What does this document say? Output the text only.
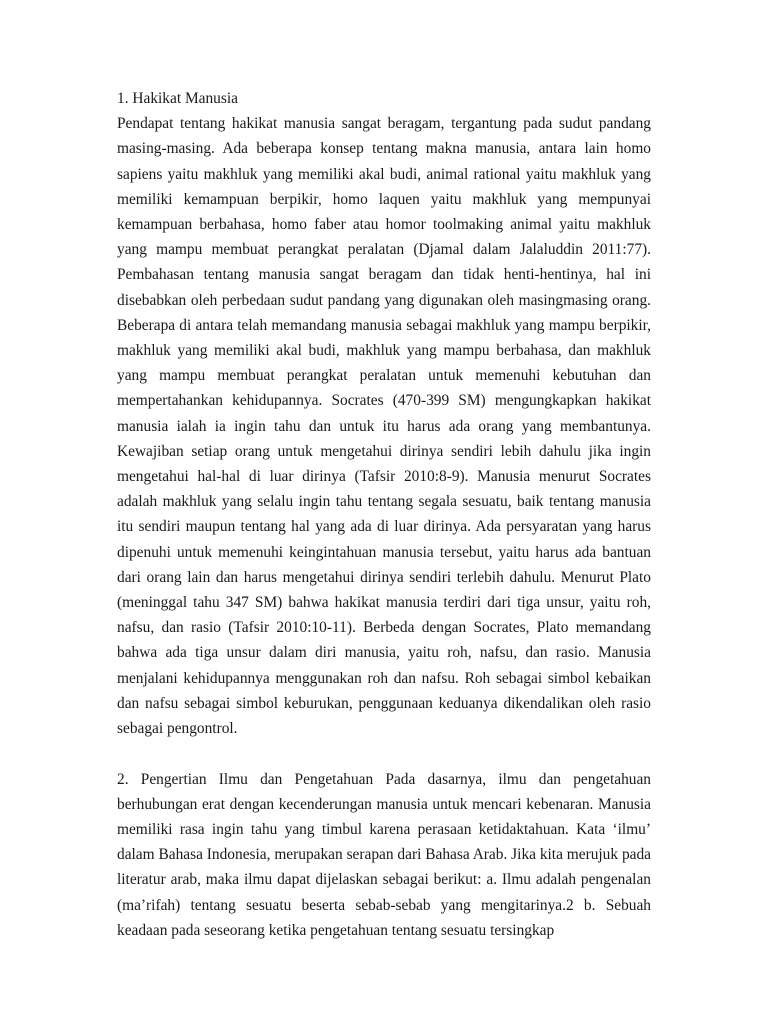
1. Hakikat Manusia

Pendapat tentang hakikat manusia sangat beragam, tergantung pada sudut pandang masing-masing. Ada beberapa konsep tentang makna manusia, antara lain homo sapiens yaitu makhluk yang memiliki akal budi, animal rational yaitu makhluk yang memiliki kemampuan berpikir, homo laquen yaitu makhluk yang mempunyai kemampuan berbahasa, homo faber atau homor toolmaking animal yaitu makhluk yang mampu membuat perangkat peralatan (Djamal dalam Jalaluddin 2011:77). Pembahasan tentang manusia sangat beragam dan tidak henti-hentinya, hal ini disebabkan oleh perbedaan sudut pandang yang digunakan oleh masingmasing orang. Beberapa di antara telah memandang manusia sebagai makhluk yang mampu berpikir, makhluk yang memiliki akal budi, makhluk yang mampu berbahasa, dan makhluk yang mampu membuat perangkat peralatan untuk memenuhi kebutuhan dan mempertahankan kehidupannya. Socrates (470-399 SM) mengungkapkan hakikat manusia ialah ia ingin tahu dan untuk itu harus ada orang yang membantunya. Kewajiban setiap orang untuk mengetahui dirinya sendiri lebih dahulu jika ingin mengetahui hal-hal di luar dirinya (Tafsir 2010:8-9). Manusia menurut Socrates adalah makhluk yang selalu ingin tahu tentang segala sesuatu, baik tentang manusia itu sendiri maupun tentang hal yang ada di luar dirinya. Ada persyaratan yang harus dipenuhi untuk memenuhi keingintahuan manusia tersebut, yaitu harus ada bantuan dari orang lain dan harus mengetahui dirinya sendiri terlebih dahulu. Menurut Plato (meninggal tahu 347 SM) bahwa hakikat manusia terdiri dari tiga unsur, yaitu roh, nafsu, dan rasio (Tafsir 2010:10-11). Berbeda dengan Socrates, Plato memandang bahwa ada tiga unsur dalam diri manusia, yaitu roh, nafsu, dan rasio. Manusia menjalani kehidupannya menggunakan roh dan nafsu. Roh sebagai simbol kebaikan dan nafsu sebagai simbol keburukan, penggunaan keduanya dikendalikan oleh rasio sebagai pengontrol.

2. Pengertian Ilmu dan Pengetahuan Pada dasarnya, ilmu dan pengetahuan berhubungan erat dengan kecenderungan manusia untuk mencari kebenaran. Manusia memiliki rasa ingin tahu yang timbul karena perasaan ketidaktahuan. Kata ‘ilmu’ dalam Bahasa Indonesia, merupakan serapan dari Bahasa Arab. Jika kita merujuk pada literatur arab, maka ilmu dapat dijelaskan sebagai berikut: a. Ilmu adalah pengenalan (ma’rifah) tentang sesuatu beserta sebab-sebab yang mengitarinya.2 b. Sebuah keadaan pada seseorang ketika pengetahuan tentang sesuatu tersingkap
